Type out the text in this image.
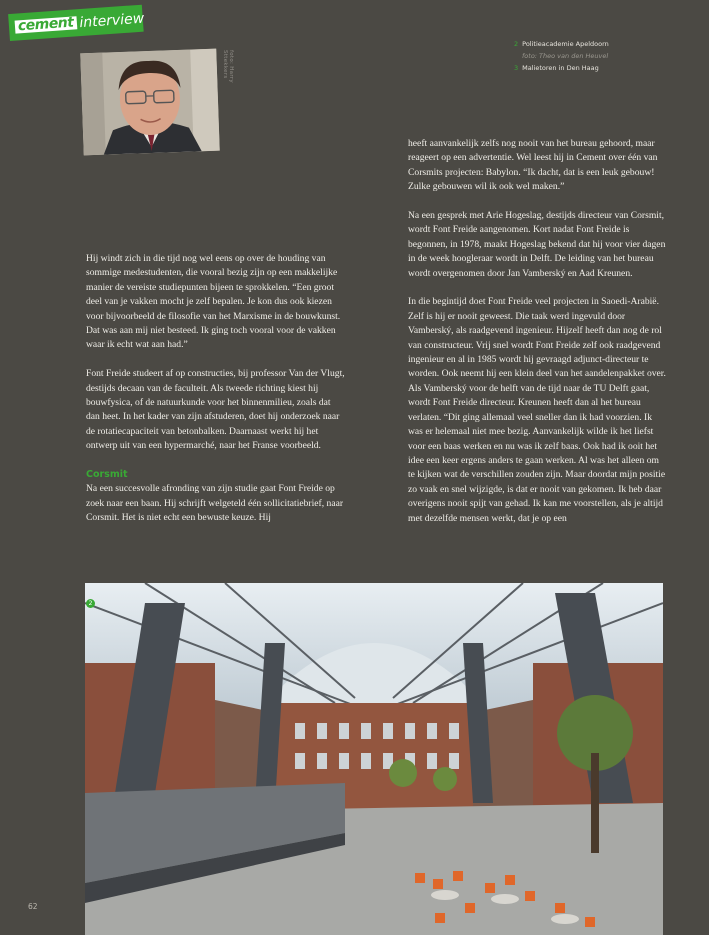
cement interview
foto: Harry Sttekkers
2 Politieacademie Apeldoorn
foto: Theo van den Heuvel
3 Malietoren in Den Haag

Hij windt zich in die tijd nog wel eens op over de houding van sommige medestudenten, die vooral bezig zijn op een makkelijke manier de vereiste studiepunten bijeen te sprokkelen. “Een groot deel van je vakken mocht je zelf bepalen. Je kon dus ook kiezen voor bijvoorbeeld de filosofie van het Marxisme in de bouwkunst. Dat was aan mij niet besteed. Ik ging toch vooral voor de vakken waar ik echt wat aan had.”

Font Freide studeert af op constructies, bij professor Van der Vlugt, destijds decaan van de faculteit. Als tweede richting kiest hij bouwfysica, of de natuurkunde voor het binnenmilieu, zoals dat dan heet. In het kader van zijn afstuderen, doet hij onderzoek naar de rotatiecapaciteit van betonbalken. Daarnaast werkt hij het ontwerp uit van een hypermarché, naar het Franse voorbeeld.

Corsmit

Na een succesvolle afronding van zijn studie gaat Font Freide op zoek naar een baan. Hij schrijft welgeteld één sollicitatiebrief, naar Corsmit. Het is niet echt een bewuste keuze. Hij

heeft aanvankelijk zelfs nog nooit van het bureau gehoord, maar reageert op een advertentie. Wel leest hij in Cement over één van Corsmits projecten: Babylon. “Ik dacht, dat is een leuk gebouw! Zulke gebouwen wil ik ook wel maken.”

Na een gesprek met Arie Hogeslag, destijds directeur van Corsmit, wordt Font Freide aangenomen. Kort nadat Font Freide is begonnen, in 1978, maakt Hogeslag bekend dat hij voor vier dagen in de week hoogleraar wordt in Delft. De leiding van het bureau wordt overgenomen door Jan Vamberský en Aad Kreunen.

In die begintijd doet Font Freide veel projecten in Saoedi-Arabië. Zelf is hij er nooit geweest. Die taak werd ingevuld door Vamberský, als raadgevend ingenieur. Hijzelf heeft dan nog de rol van constructeur. Vrij snel wordt Font Freide zelf ook raadgevend ingenieur en al in 1985 wordt hij gevraagd adjunct-directeur te worden. Ook neemt hij een klein deel van het aandelenpakket over. Als Vamberský voor de helft van de tijd naar de TU Delft gaat, wordt Font Freide directeur. Kreunen heeft dan al het bureau verlaten. “Dit ging allemaal veel sneller dan ik had voorzien. Ik was er helemaal niet mee bezig. Aanvankelijk wilde ik het liefst voor een baas werken en nu was ik zelf baas. Ook had ik ooit het idee een keer ergens anders te gaan werken. Al was het alleen om te kijken wat de verschillen zouden zijn. Maar doordat mijn positie zo vaak en snel wijzigde, is dat er nooit van gekomen. Ik heb daar overigens nooit spijt van gehad. Ik kan me voorstellen, als je altijd met dezelfde mensen werkt, dat je op een

2
62
